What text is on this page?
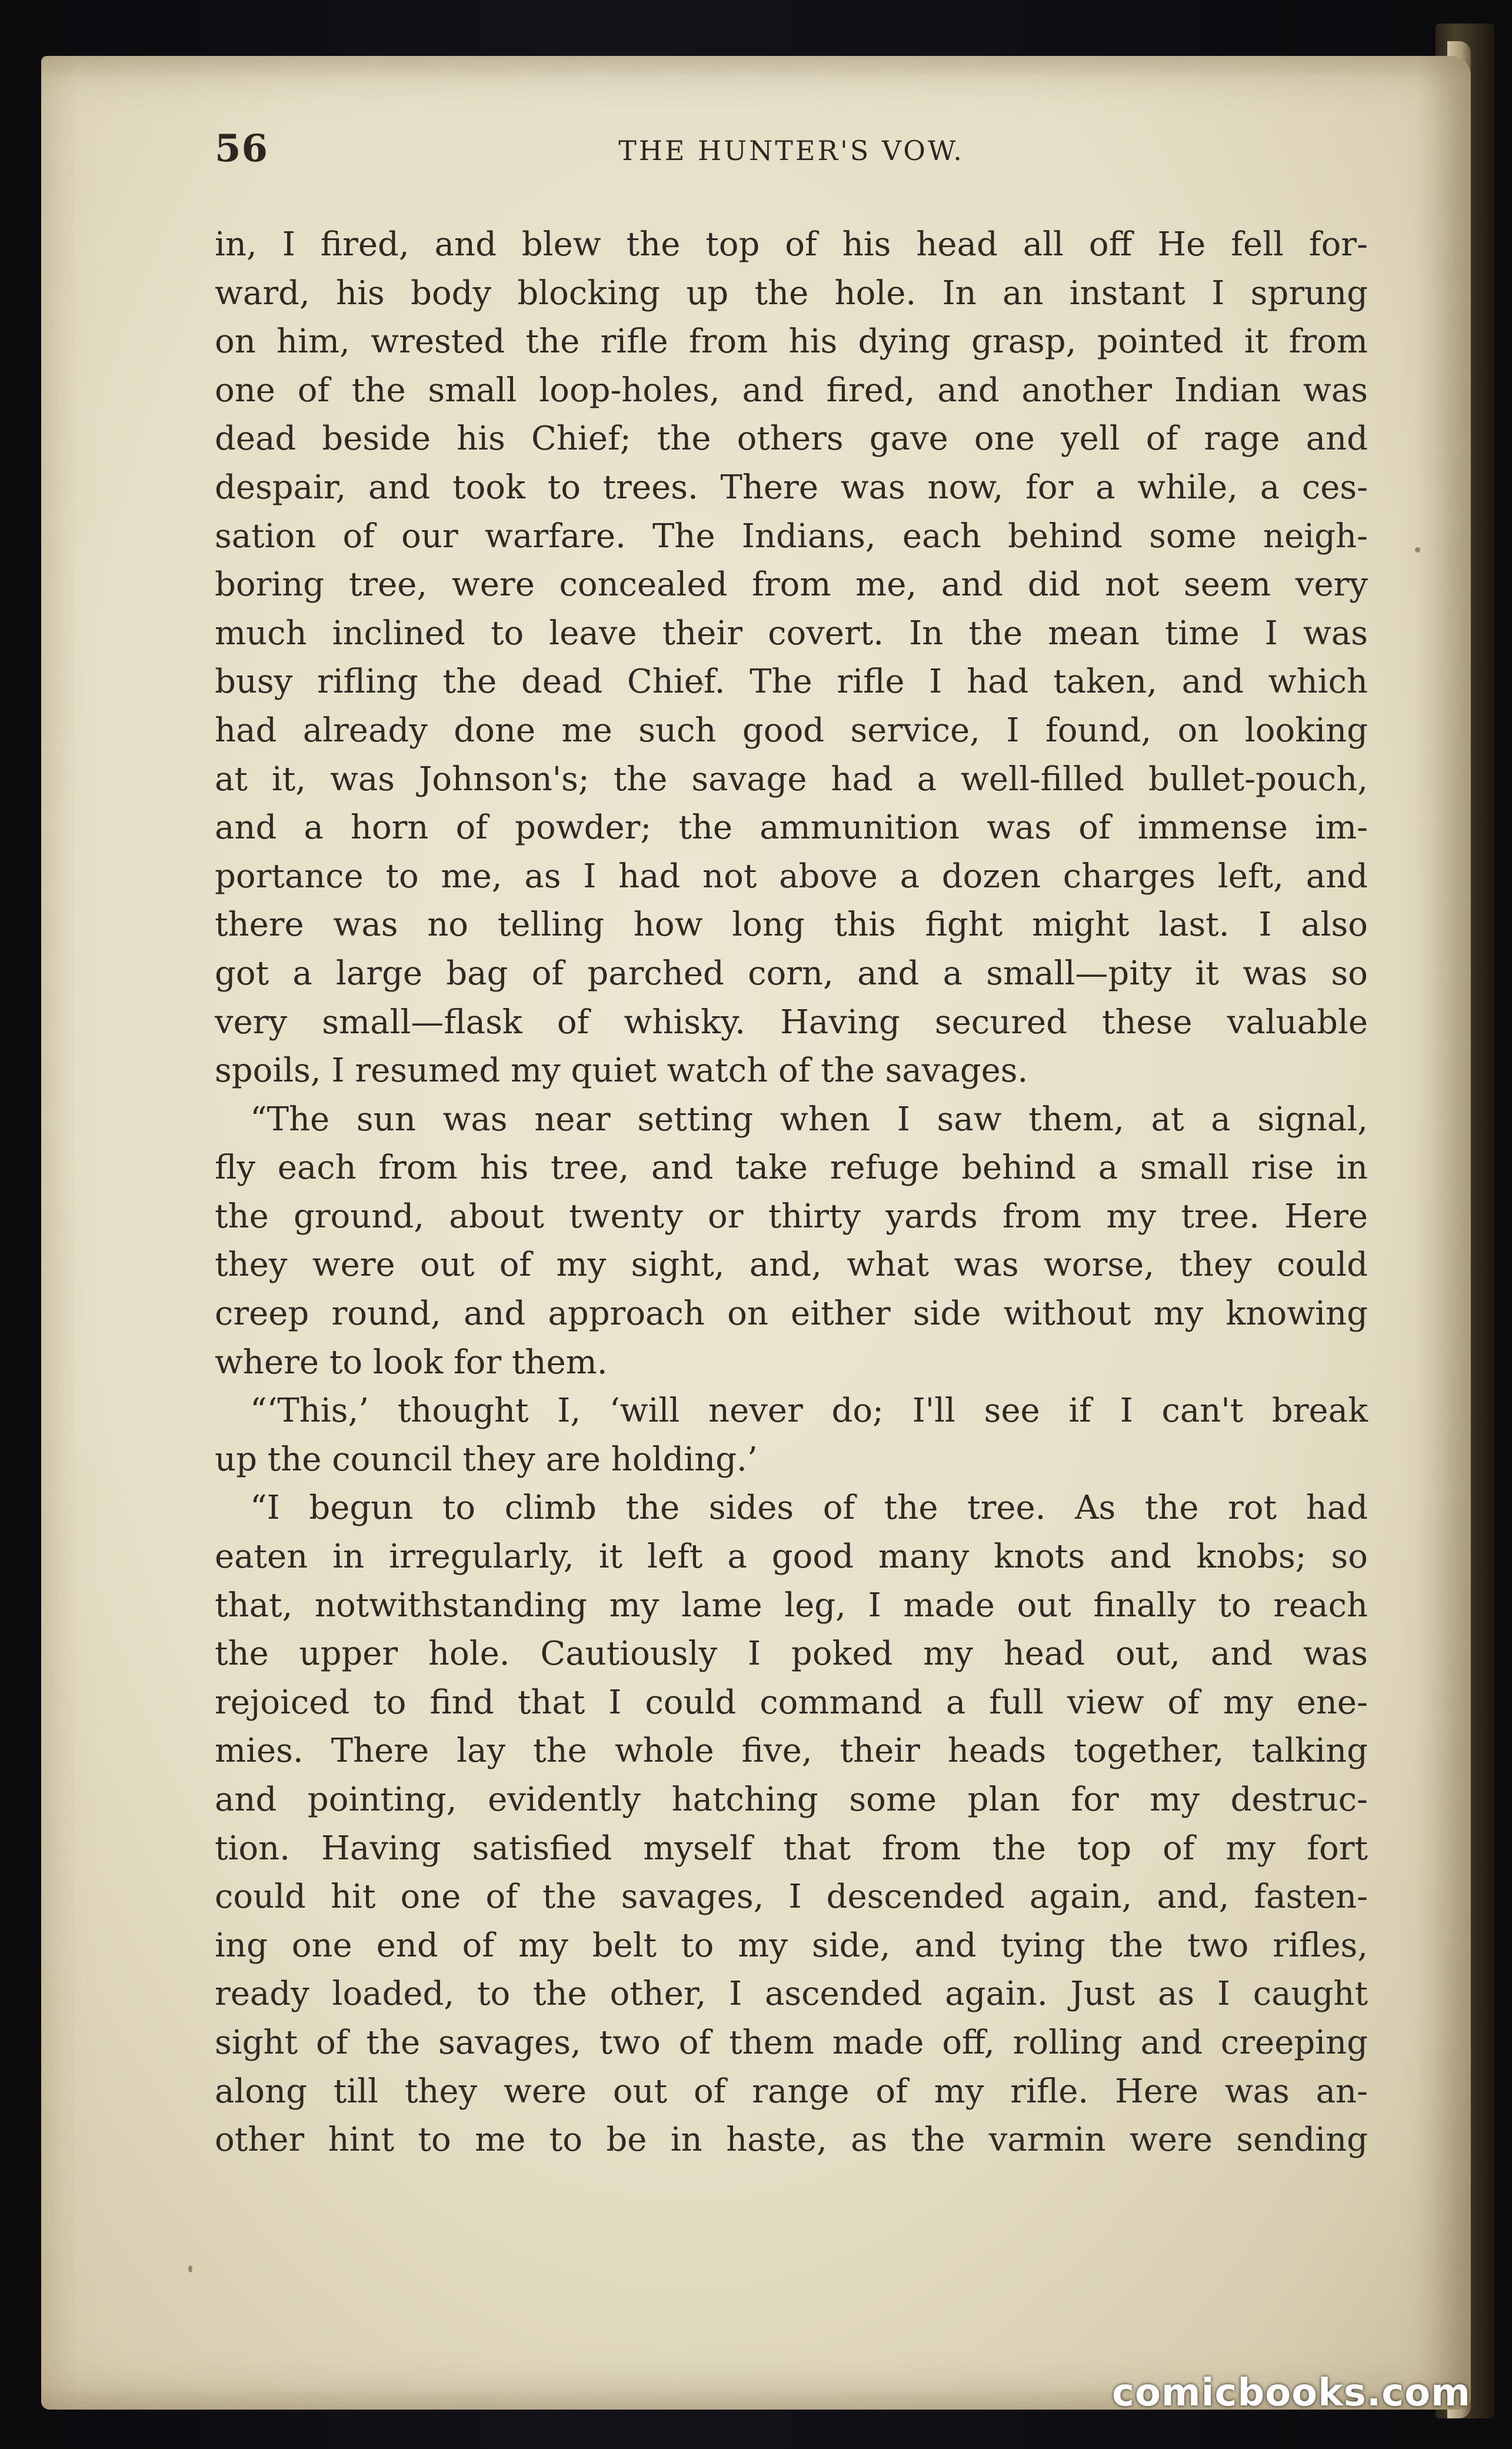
56	THE HUNTER'S VOW.
in, I fired, and blew the top of his head all off He fell for-
ward, his body blocking up the hole. In an instant I sprung
on him, wrested the rifle from his dying grasp, pointed it from
one of the small loop-holes, and fired, and another Indian was
dead beside his Chief; the others gave one yell of rage and
despair, and took to trees. There was now, for a while, a ces-
sation of our warfare. The Indians, each behind some neigh-
boring tree, were concealed from me, and did not seem very
much inclined to leave their covert. In the mean time I was
busy rifling the dead Chief. The rifle I had taken, and which
had already done me such good service, I found, on looking
at it, was Johnson's; the savage had a well-filled bullet-pouch,
and a horn of powder; the ammunition was of immense im-
portance to me, as I had not above a dozen charges left, and
there was no telling how long this fight might last. I also
got a large bag of parched corn, and a small—pity it was so
very small—flask of whisky. Having secured these valuable
spoils, I resumed my quiet watch of the savages.
“The sun was near setting when I saw them, at a signal,
fly each from his tree, and take refuge behind a small rise in
the ground, about twenty or thirty yards from my tree. Here
they were out of my sight, and, what was worse, they could
creep round, and approach on either side without my knowing
where to look for them.
“‘This,’ thought I, ‘will never do; I'll see if I can't break
up the council they are holding.’
“I begun to climb the sides of the tree. As the rot had
eaten in irregularly, it left a good many knots and knobs; so
that, notwithstanding my lame leg, I made out finally to reach
the upper hole. Cautiously I poked my head out, and was
rejoiced to find that I could command a full view of my ene-
mies. There lay the whole five, their heads together, talking
and pointing, evidently hatching some plan for my destruc-
tion. Having satisfied myself that from the top of my fort
could hit one of the savages, I descended again, and, fasten-
ing one end of my belt to my side, and tying the two rifles,
ready loaded, to the other, I ascended again. Just as I caught
sight of the savages, two of them made off, rolling and creeping
along till they were out of range of my rifle. Here was an-
other hint to me to be in haste, as the varmin were sending
comicbooks.com
